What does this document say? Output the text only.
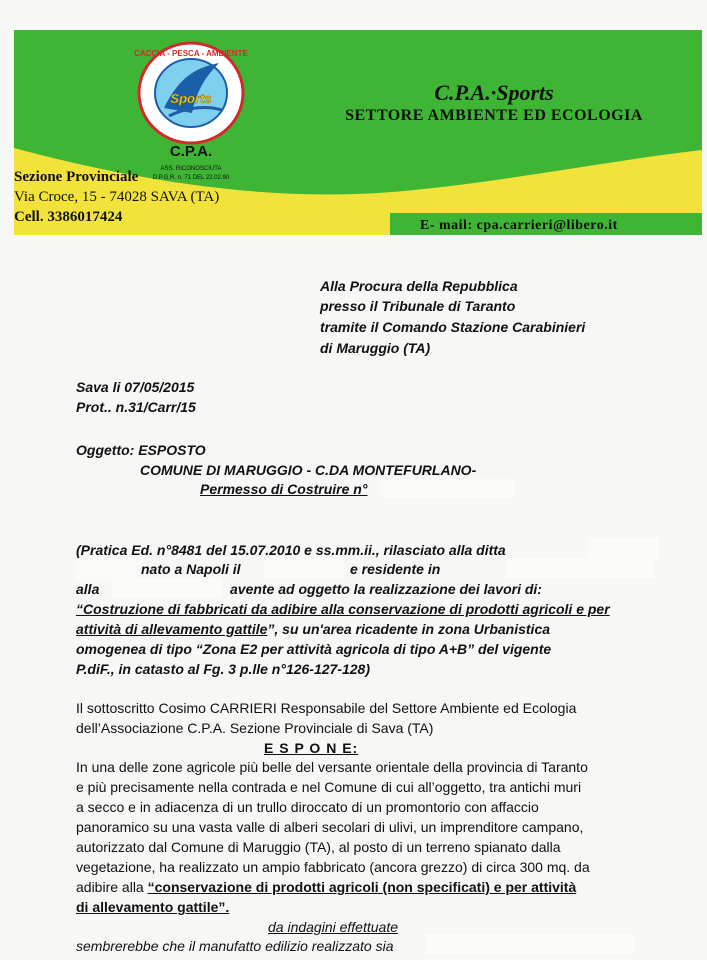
Sports
CACCIA - PESCA - AMBIENTE
C.P.A.
ASS. RICONOSCIUTA
D.P.G.R. n. 71 DEL 22.02.90
C.P.A.·Sports
SETTORE AMBIENTE ED ECOLOGIA
Sezione Provinciale
Via Croce, 15 - 74028 SAVA (TA)
Cell. 3386017424
E- mail: cpa.carrieri@libero.it
Alla Procura della Repubblica
presso il Tribunale di Taranto
tramite il Comando Stazione Carabinieri
di Maruggio (TA)
Sava li 07/05/2015
Prot.. n.31/Carr/15
Oggetto: ESPOSTO
COMUNE DI MARUGGIO - C.DA MONTEFURLANO-
Permesso di Costruire n°
(Pratica Ed. n°8481 del 15.07.2010 e ss.mm.ii., rilasciato alla ditta
nato a Napoli il	e residente in
alla	avente ad oggetto la realizzazione dei lavori di:
“Costruzione di fabbricati da adibire alla conservazione di prodotti agricoli e per
attività di allevamento gattile”, su un'area ricadente in zona Urbanistica
omogenea di tipo “Zona E2 per attività agricola di tipo A+B” del vigente
P.diF., in catasto al Fg. 3 p.lle n°126-127-128)
Il sottoscritto Cosimo CARRIERI Responsabile del Settore Ambiente ed Ecologia
dell’Associazione C.P.A. Sezione Provinciale di Sava (TA)
E S P O N E:
In una delle zone agricole più belle del versante orientale della provincia di Taranto
e più precisamente nella contrada e nel Comune di cui all’oggetto, tra antichi muri
a secco e in adiacenza di un trullo diroccato di un promontorio con affaccio
panoramico su una vasta valle di alberi secolari di ulivi, un imprenditore campano,
autorizzato dal Comune di Maruggio (TA), al posto di un terreno spianato dalla
vegetazione, ha realizzato un ampio fabbricato (ancora grezzo) di circa 300 mq. da
adibire alla “conservazione di prodotti agricoli (non specificati) e per attività
di allevamento gattile”.
da indagini effettuate
sembrerebbe che il manufatto edilizio realizzato sia
